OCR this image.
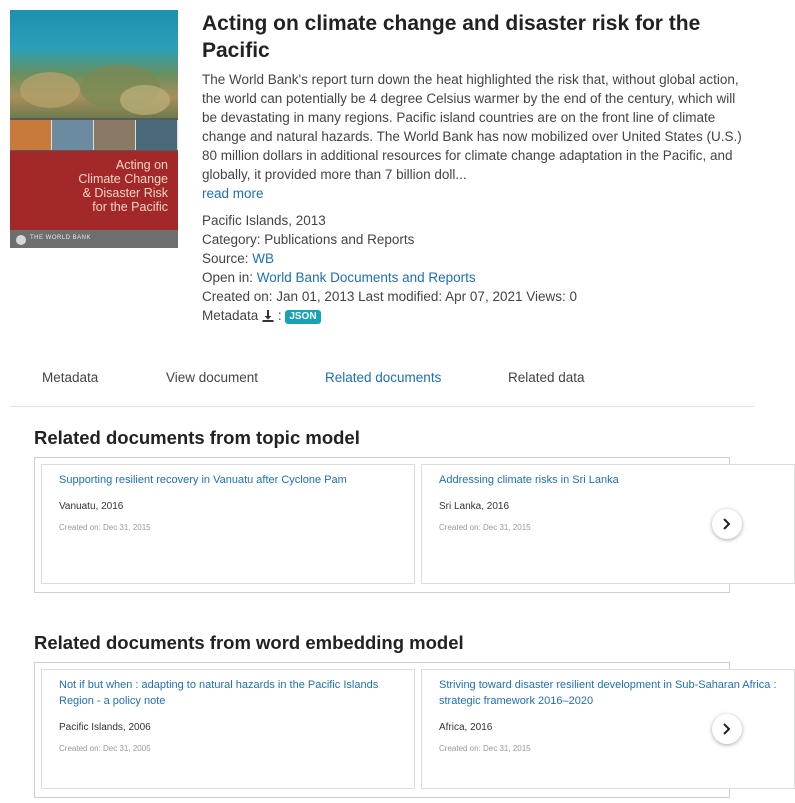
Acting on
Climate Change
& Disaster Risk
for the Pacific
THE WORLD BANK
Acting on climate change and disaster risk for the Pacific

The World Bank's report turn down the heat highlighted the risk that, without global action, the world can potentially be 4 degree Celsius warmer by the end of the century, which will be devastating in many regions. Pacific island countries are on the front line of climate change and natural hazards. The World Bank has now mobilized over United States (U.S.) 80 million dollars in additional resources for climate change adaptation in the Pacific, and globally, it provided more than 7 billion doll...

read more
Pacific Islands, 2013
Category: Publications and Reports
Source: WB
Open in: World Bank Documents and Reports
Created on: Jan 01, 2013 Last modified: Apr 07, 2021 Views: 0
Metadata  : JSON
Metadata	View document	Related documents	Related data
Related documents from topic model
Supporting resilient recovery in Vanuatu after Cyclone Pam
Vanuatu, 2016
Created on: Dec 31, 2015
Addressing climate risks in Sri Lanka
Sri Lanka, 2016
Created on: Dec 31, 2015
Related documents from word embedding model
Not if but when : adapting to natural hazards in the Pacific Islands Region - a policy note
Pacific Islands, 2006
Created on: Dec 31, 2005
Striving toward disaster resilient development in Sub-Saharan Africa : strategic framework 2016–2020
Africa, 2016
Created on: Dec 31, 2015
